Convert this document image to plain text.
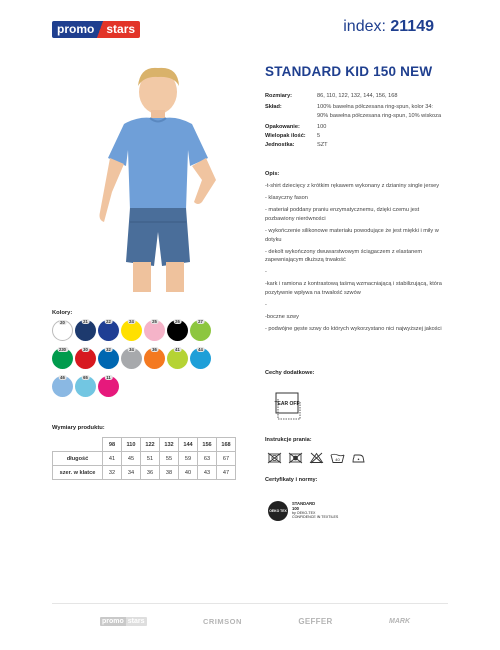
promo stars	index: 21149
STANDARD KID 150 NEW
Rozmiary:	86, 110, 122, 132, 144, 156, 168
Skład:	100% bawełna półczesana ring-spun, kolor 34: 90% bawełna półczesana ring-spun, 10% wiskoza
Opakowanie:	100
Wielopak ilość:	5
Jednostka:	SZT

Opis:

-t-shirt dziecięcy z krótkim rękawem wykonany z dzianiny single jersey

- klasyczny fason

- materiał poddany praniu enzymatycznemu, dzięki czemu jest pozbawiony nierówności

- wykończenie silikonowe materiału powodujące że jest miękki i miły w dotyku

- dekolt wykończony dwuwarstwowym ściągaczem z elastanem zapewniającym dłuższą trwałość

-

-kark i ramiona z kontrastową taśmą wzmacniającą i stabilizującą, która pozytywnie wpływa na trwałość szwów

-

-boczne szwy

- podwójne gęste szwy do których wykorzystano nici najwyższej jakości

Cechy dodatkowe:
TEAR OFF
Instrukcje prania:
40
Certyfikaty i normy:
OEKO TEX
STANDARD
100
by OEKO-TEX
CONFIDENCE IN TEXTILES
Kolory:
20	21	22	24	25	26	27
230	30	32	34	36	41	44
46	65	11
Wymiary produktu:
	98	110	122	132	144	156	168
długość	41	45	51	55	59	63	67
szer. w klatce	32	34	36	38	40	43	47
promo stars	CRIMSON	GEFFER	MARK
